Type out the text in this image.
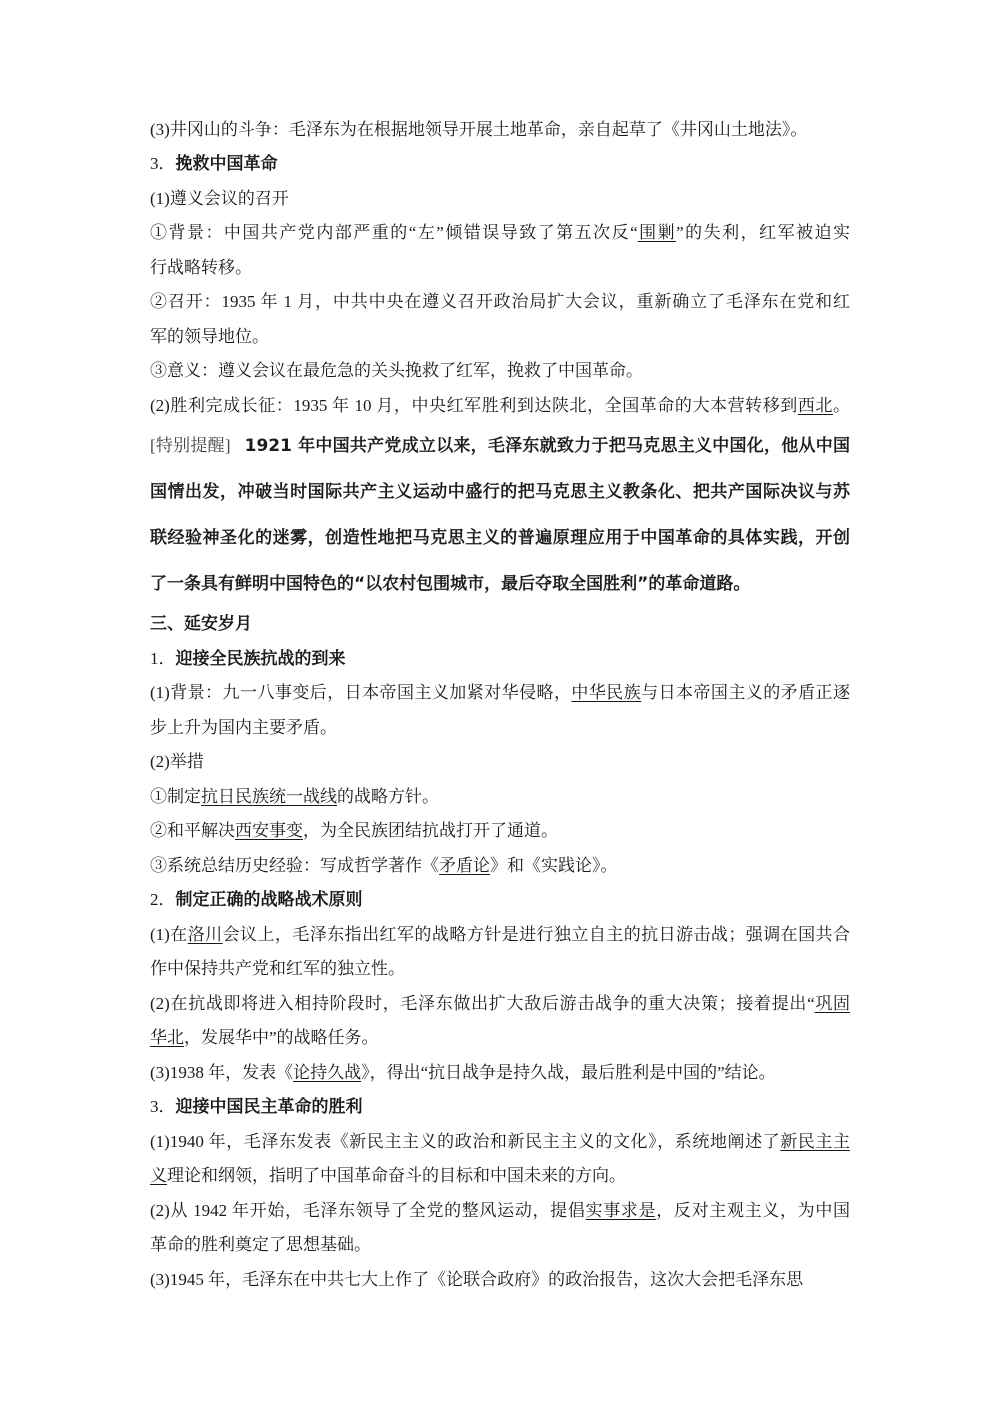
(3)井冈山的斗争：毛泽东为在根据地领导开展土地革命，亲自起草了《井冈山土地法》。
3．挽救中国革命
(1)遵义会议的召开
①背景：中国共产党内部严重的“左”倾错误导致了第五次反“围剿”的失利，红军被迫实
行战略转移。
②召开：1935 年 1 月，中共中央在遵义召开政治局扩大会议，重新确立了毛泽东在党和红
军的领导地位。
③意义：遵义会议在最危急的关头挽救了红军，挽救了中国革命。
(2)胜利完成长征：1935 年 10 月，中央红军胜利到达陕北，全国革命的大本营转移到西北。
[特别提醒] 1921 年中国共产党成立以来，毛泽东就致力于把马克思主义中国化，他从中国
国情出发，冲破当时国际共产主义运动中盛行的把马克思主义教条化、把共产国际决议与苏
联经验神圣化的迷雾，创造性地把马克思主义的普遍原理应用于中国革命的具体实践，开创
了一条具有鲜明中国特色的“以农村包围城市，最后夺取全国胜利”的革命道路。
三、延安岁月
1．迎接全民族抗战的到来
(1)背景：九一八事变后，日本帝国主义加紧对华侵略，中华民族与日本帝国主义的矛盾正逐
步上升为国内主要矛盾。
(2)举措
①制定抗日民族统一战线的战略方针。
②和平解决西安事变，为全民族团结抗战打开了通道。
③系统总结历史经验：写成哲学著作《矛盾论》和《实践论》。
2．制定正确的战略战术原则
(1)在洛川会议上，毛泽东指出红军的战略方针是进行独立自主的抗日游击战；强调在国共合
作中保持共产党和红军的独立性。
(2)在抗战即将进入相持阶段时，毛泽东做出扩大敌后游击战争的重大决策；接着提出“巩固
华北，发展华中”的战略任务。
(3)1938 年，发表《论持久战》，得出“抗日战争是持久战，最后胜利是中国的”结论。
3．迎接中国民主革命的胜利
(1)1940 年，毛泽东发表《新民主主义的政治和新民主主义的文化》，系统地阐述了新民主主
义理论和纲领，指明了中国革命奋斗的目标和中国未来的方向。
(2)从 1942 年开始，毛泽东领导了全党的整风运动，提倡实事求是，反对主观主义，为中国
革命的胜利奠定了思想基础。
(3)1945 年，毛泽东在中共七大上作了《论联合政府》的政治报告，这次大会把毛泽东思
